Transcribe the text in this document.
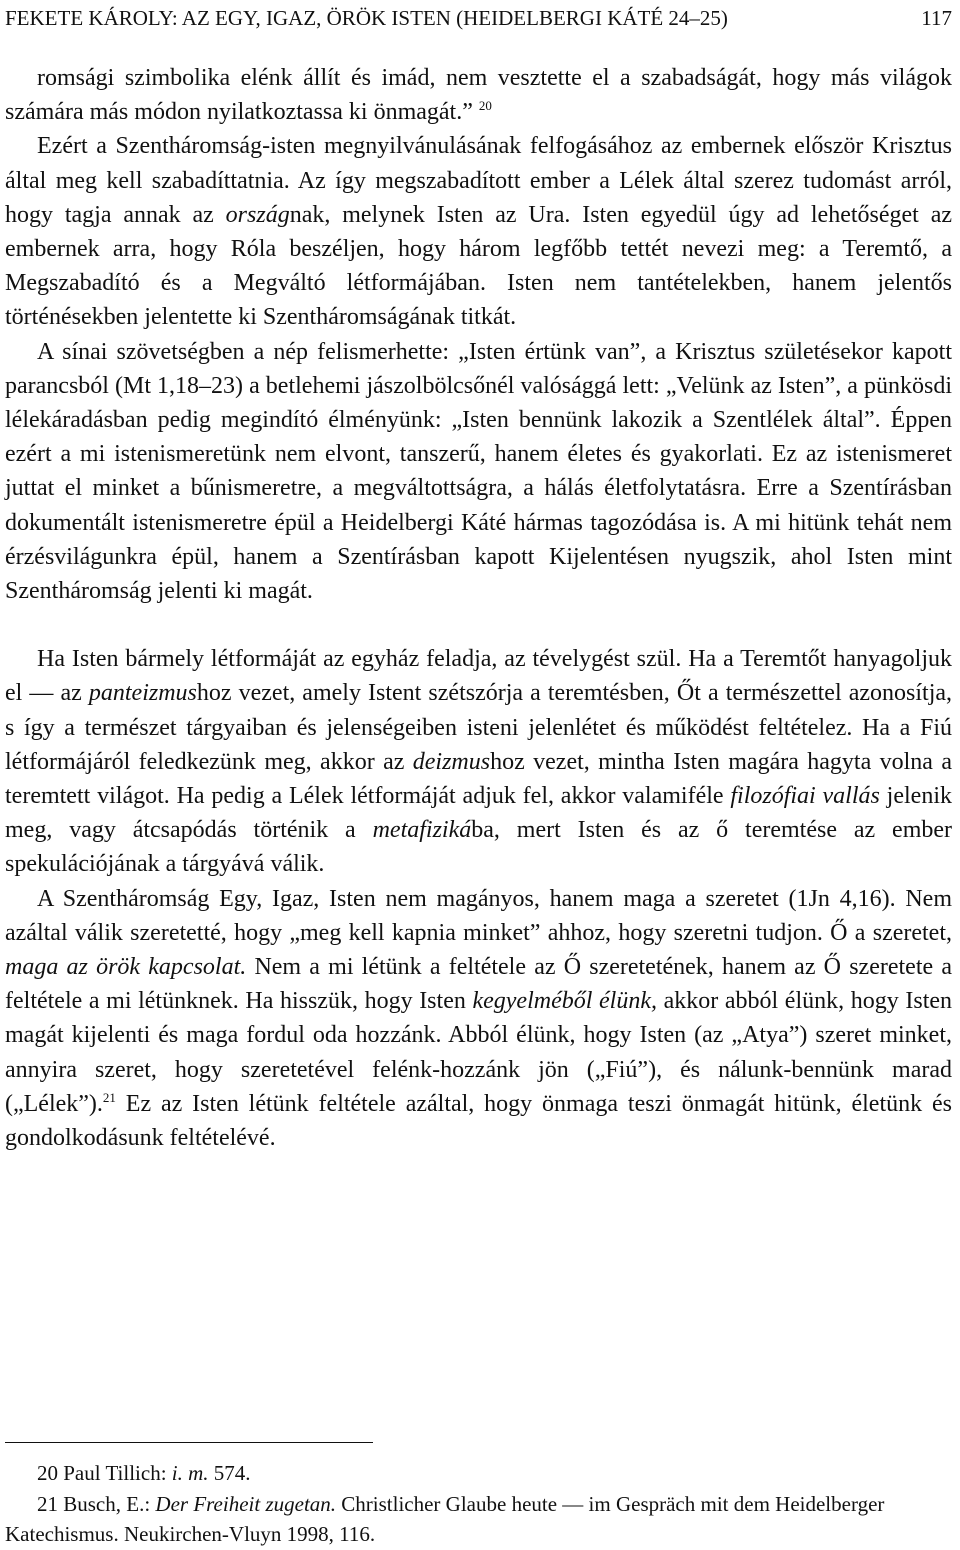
FEKETE KÁROLY: AZ EGY, IGAZ, ÖRÖK ISTEN (HEIDELBERGI KÁTÉ 24–25)	117

romsági szimbolika elénk állít és imád, nem vesztette el a szabadságát, hogy más világok számára más módon nyilatkoztassa ki önmagát.” $^{20}$

Ezért a Szentháromság-isten megnyilvánulásának felfogásához az embernek először Krisztus által meg kell szabadíttatnia. Az így megszabadított ember a Lélek által szerez tudomást arról, hogy tagja annak az országnak, melynek Isten az Ura. Isten egyedül úgy ad lehetőséget az embernek arra, hogy Róla beszéljen, hogy három legfőbb tettét nevezi meg: a Teremtő, a Megszabadító és a Megváltó létformájában. Isten nem tantételekben, hanem jelentős történésekben jelentette ki Szentháromságának titkát.

A sínai szövetségben a nép felismerhette: „Isten értünk van”, a Krisztus születésekor kapott parancsból (Mt 1,18–23) a betlehemi jászolbölcsőnél valósággá lett: „Velünk az Isten”, a pünkösdi lélekáradásban pedig megindító élményünk: „Isten bennünk lakozik a Szentlélek által”. Éppen ezért a mi istenismeretünk nem elvont, tanszerű, hanem életes és gyakorlati. Ez az istenismeret juttat el minket a bűnismeretre, a megváltottságra, a hálás életfolytatásra. Erre a Szentírásban dokumentált istenismeretre épül a Heidelbergi Káté hármas tagozódása is. A mi hitünk tehát nem érzésvilágunkra épül, hanem a Szentírásban kapott Kijelentésen nyugszik, ahol Isten mint Szentháromság jelenti ki magát.

Ha Isten bármely létformáját az egyház feladja, az tévelygést szül. Ha a Teremtőt hanyagoljuk el — az panteizmushoz vezet, amely Istent szétszórja a teremtésben, Őt a természettel azonosítja, s így a természet tárgyaiban és jelenségeiben isteni jelenlétet és működést feltételez. Ha a Fiú létformájáról feledkezünk meg, akkor az deizmushoz vezet, mintha Isten magára hagyta volna a teremtett világot. Ha pedig a Lélek létformáját adjuk fel, akkor valamiféle filozófiai vallás jelenik meg, vagy átcsapódás történik a metafizikába, mert Isten és az ő teremtése az ember spekulációjának a tárgyává válik.

A Szentháromság Egy, Igaz, Isten nem magányos, hanem maga a szeretet (1Jn 4,16). Nem azáltal válik szeretetté, hogy „meg kell kapnia minket” ahhoz, hogy szeretni tudjon. Ő a szeretet, maga az örök kapcsolat. Nem a mi létünk a feltétele az Ő szeretetének, hanem az Ő szeretete a feltétele a mi létünknek. Ha hisszük, hogy Isten kegyelméből élünk, akkor abból élünk, hogy Isten magát kijelenti és maga fordul oda hozzánk. Abból élünk, hogy Isten (az „Atya”) szeret minket, annyira szeret, hogy szeretetével felénk-hozzánk jön („Fiú”), és nálunk-bennünk marad („Lélek”).$^{21}$ Ez az Isten létünk feltétele azáltal, hogy önmaga teszi önmagát hitünk, életünk és gondolkodásunk feltételévé.

20 Paul Tillich: i. m. 574.

21 Busch, E.: Der Freiheit zugetan. Christlicher Glaube heute — im Gespräch mit dem Heidelberger Katechismus. Neukirchen-Vluyn 1998, 116.
